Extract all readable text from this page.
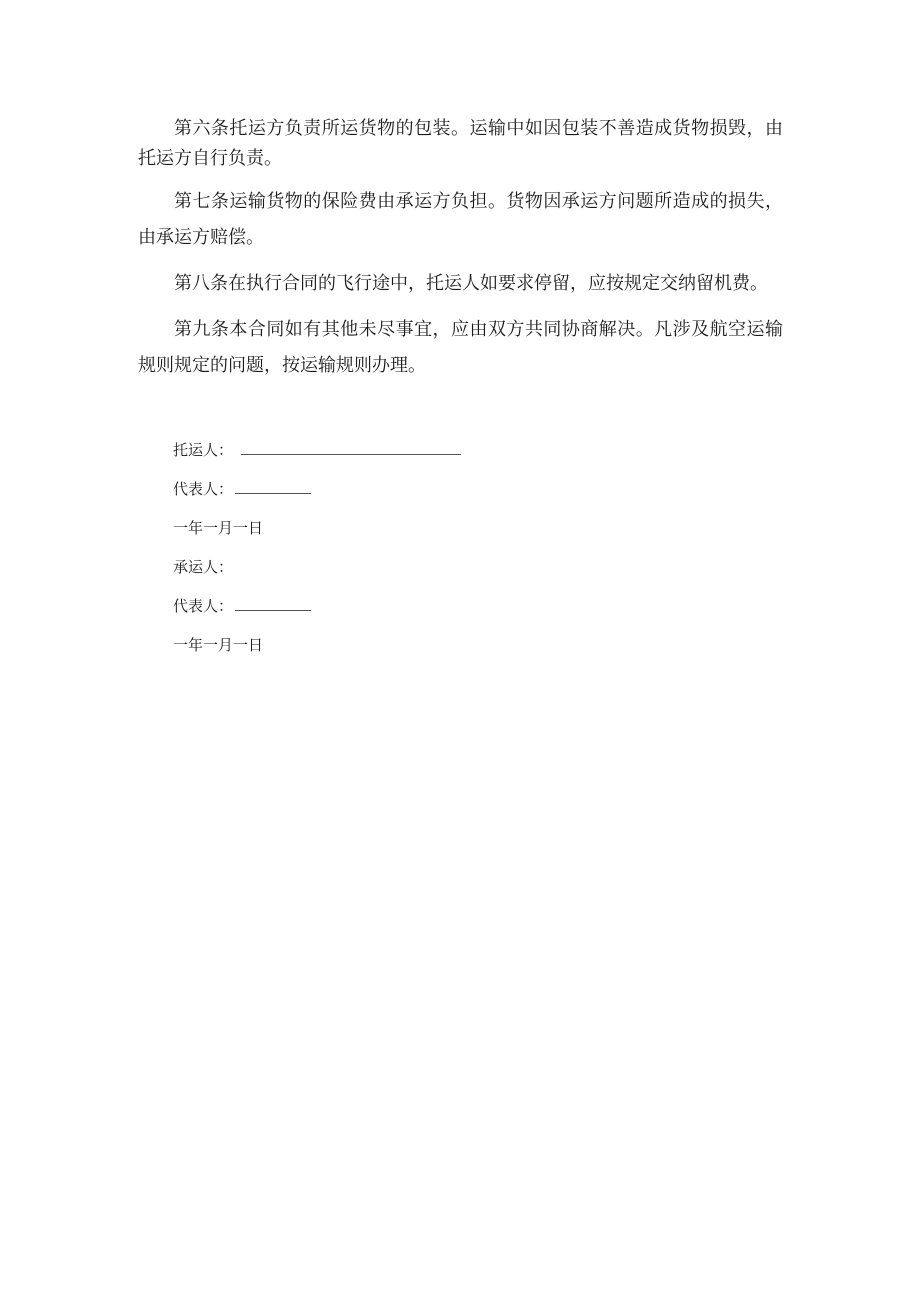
第六条托运方负责所运货物的包装。运输中如因包装不善造成货物损毁，由托运方自行负责。

第七条运输货物的保险费由承运方负担。货物因承运方问题所造成的损失，由承运方赔偿。

第八条在执行合同的飞行途中，托运人如要求停留，应按规定交纳留机费。

第九条本合同如有其他未尽事宜，应由双方共同协商解决。凡涉及航空运输规则规定的问题，按运输规则办理。

托运人：
代表人：
一年一月一日
承运人：
代表人：
一年一月一日
